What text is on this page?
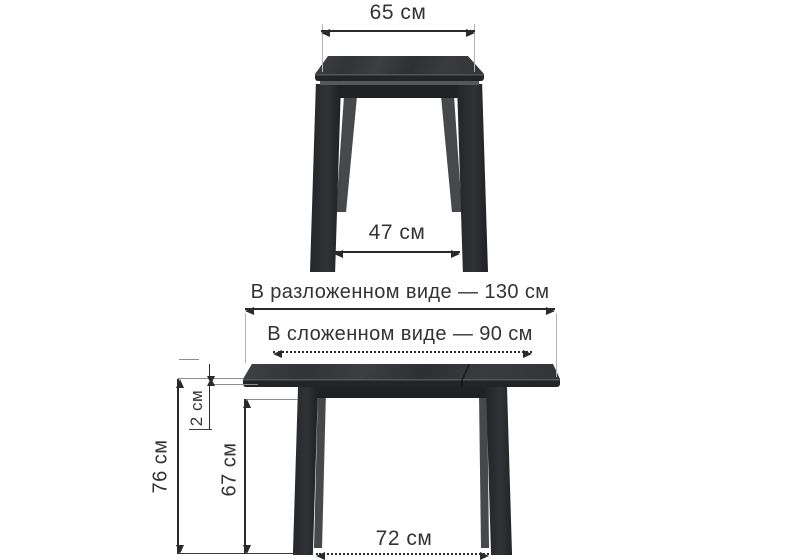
65 см
47 см
В разложенном виде — 130 см
В сложенном виде — 90 см
76 см 67 см
2 см
72 см
